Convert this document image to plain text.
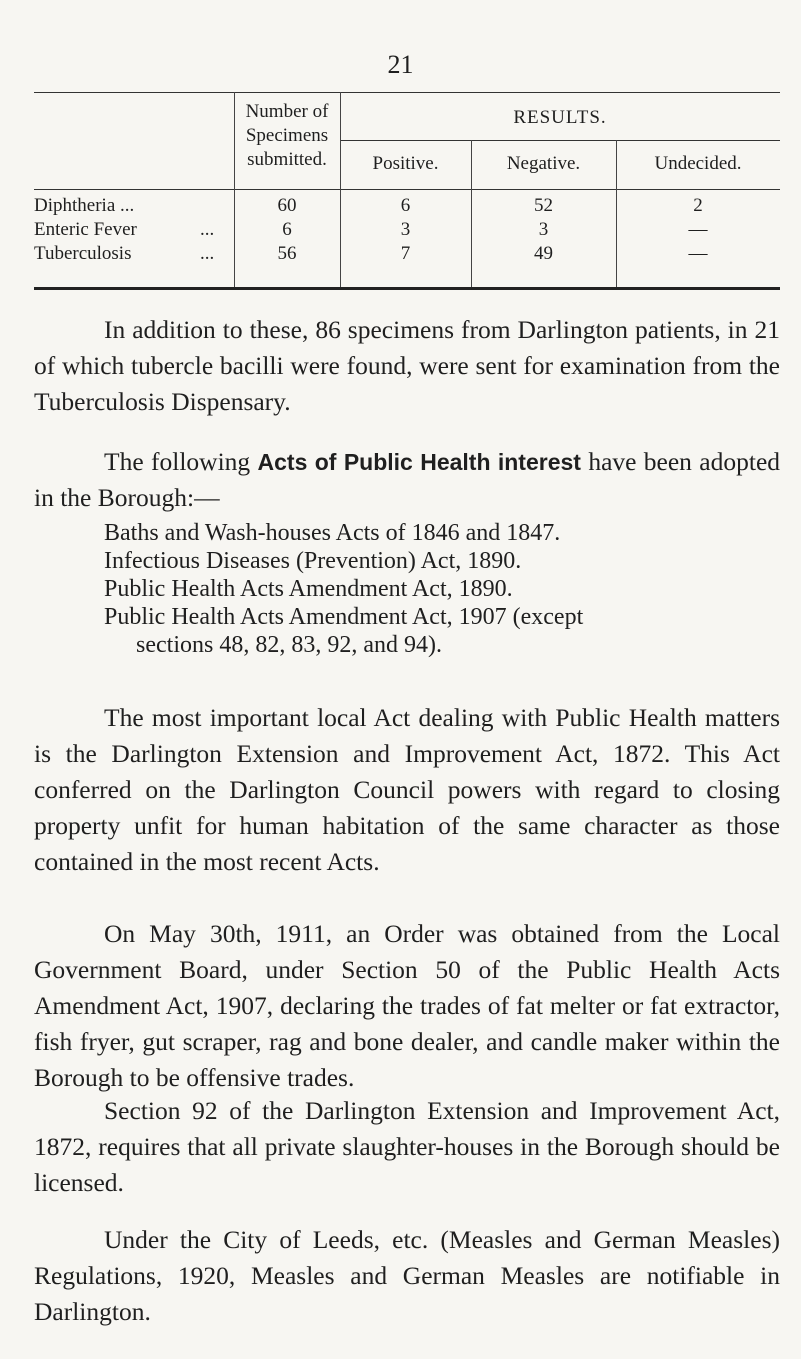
21
Number of
Specimens
submitted.
RESULTS.
Positive.	Negative.	Undecided.
Diphtheria ...	60	6	52	2
Enteric Fever	...	6	3	3	—
Tuberculosis	...	56	7	49	—

In addition to these, 86 specimens from Darlington patients, in 21 of which tubercle bacilli were found, were sent for examination from the Tuberculosis Dispensary.

The following Acts of Public Health interest have been adopted in the Borough:—

Baths and Wash-houses Acts of 1846 and 1847.
Infectious Diseases (Prevention) Act, 1890.
Public Health Acts Amendment Act, 1890.
Public Health Acts Amendment Act, 1907 (except
sections 48, 82, 83, 92, and 94).

The most important local Act dealing with Public Health matters is the Darlington Extension and Improvement Act, 1872. This Act conferred on the Darlington Council powers with regard to closing property unfit for human habitation of the same character as those contained in the most recent Acts.

On May 30th, 1911, an Order was obtained from the Local Government Board, under Section 50 of the Public Health Acts Amendment Act, 1907, declaring the trades of fat melter or fat extractor, fish fryer, gut scraper, rag and bone dealer, and candle maker within the Borough to be offensive trades.

Section 92 of the Darlington Extension and Improvement Act, 1872, requires that all private slaughter-houses in the Borough should be licensed.

Under the City of Leeds, etc. (Measles and German Measles) Regulations, 1920, Measles and German Measles are notifiable in Darlington.
